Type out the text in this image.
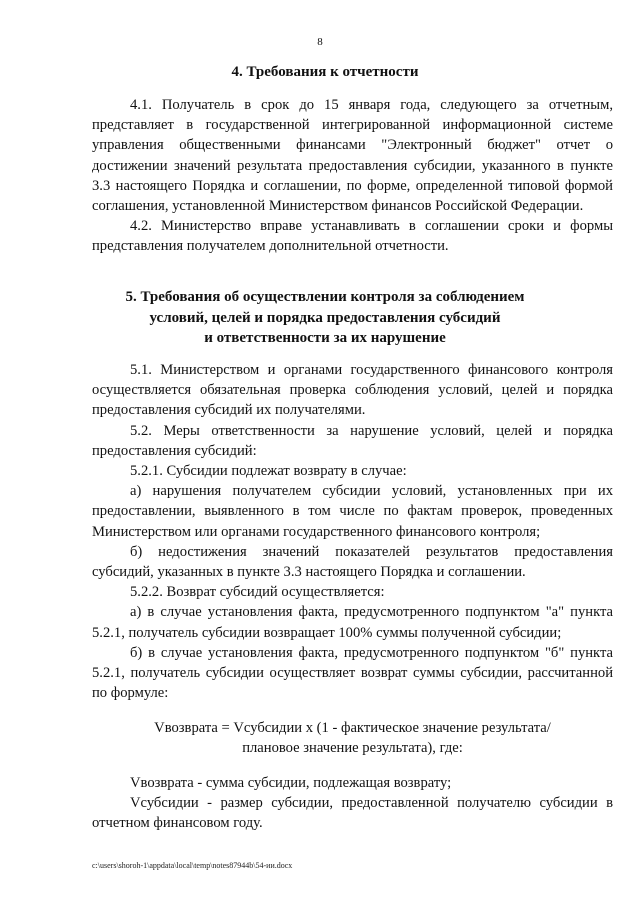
8
4. Требования к отчетности
4.1. Получатель в срок до 15 января года, следующего за отчетным, представляет в государственной интегрированной информационной системе управления общественными финансами "Электронный бюджет" отчет о достижении значений результата предоставления субсидии, указанного в пункте 3.3 настоящего Порядка и соглашении, по форме, определенной типовой формой соглашения, установленной Министерством финансов Российской Федерации.
4.2. Министерство вправе устанавливать в соглашении сроки и формы представления получателем дополнительной отчетности.
5. Требования об осуществлении контроля за соблюдением
условий, целей и порядка предоставления субсидий
и ответственности за их нарушение
5.1. Министерством и органами государственного финансового контроля осуществляется обязательная проверка соблюдения условий, целей и порядка предоставления субсидий их получателями.
5.2. Меры ответственности за нарушение условий, целей и порядка предоставления субсидий:
5.2.1. Субсидии подлежат возврату в случае:
а) нарушения получателем субсидии условий, установленных при их предоставлении, выявленного в том числе по фактам проверок, проведенных Министерством или органами государственного финансового контроля;
б) недостижения значений показателей результатов предоставления субсидий, указанных в пункте 3.3 настоящего Порядка и соглашении.
5.2.2. Возврат субсидий осуществляется:
а) в случае установления факта, предусмотренного подпунктом "а" пункта 5.2.1, получатель субсидии возвращает 100% суммы полученной субсидии;
б) в случае установления факта, предусмотренного подпунктом "б" пункта 5.2.1, получатель субсидии осуществляет возврат суммы субсидии, рассчитанной по формуле:
Vвозврата = Vсубсидии x (1 - фактическое значение результата/
плановое значение результата), где:
Vвозврата - сумма субсидии, подлежащая возврату;
Vсубсидии - размер субсидии, предоставленной получателю субсидии в отчетном финансовом году.
c:\users\shoroh-1\appdata\local\temp\notes87944b\54-ии.docx
